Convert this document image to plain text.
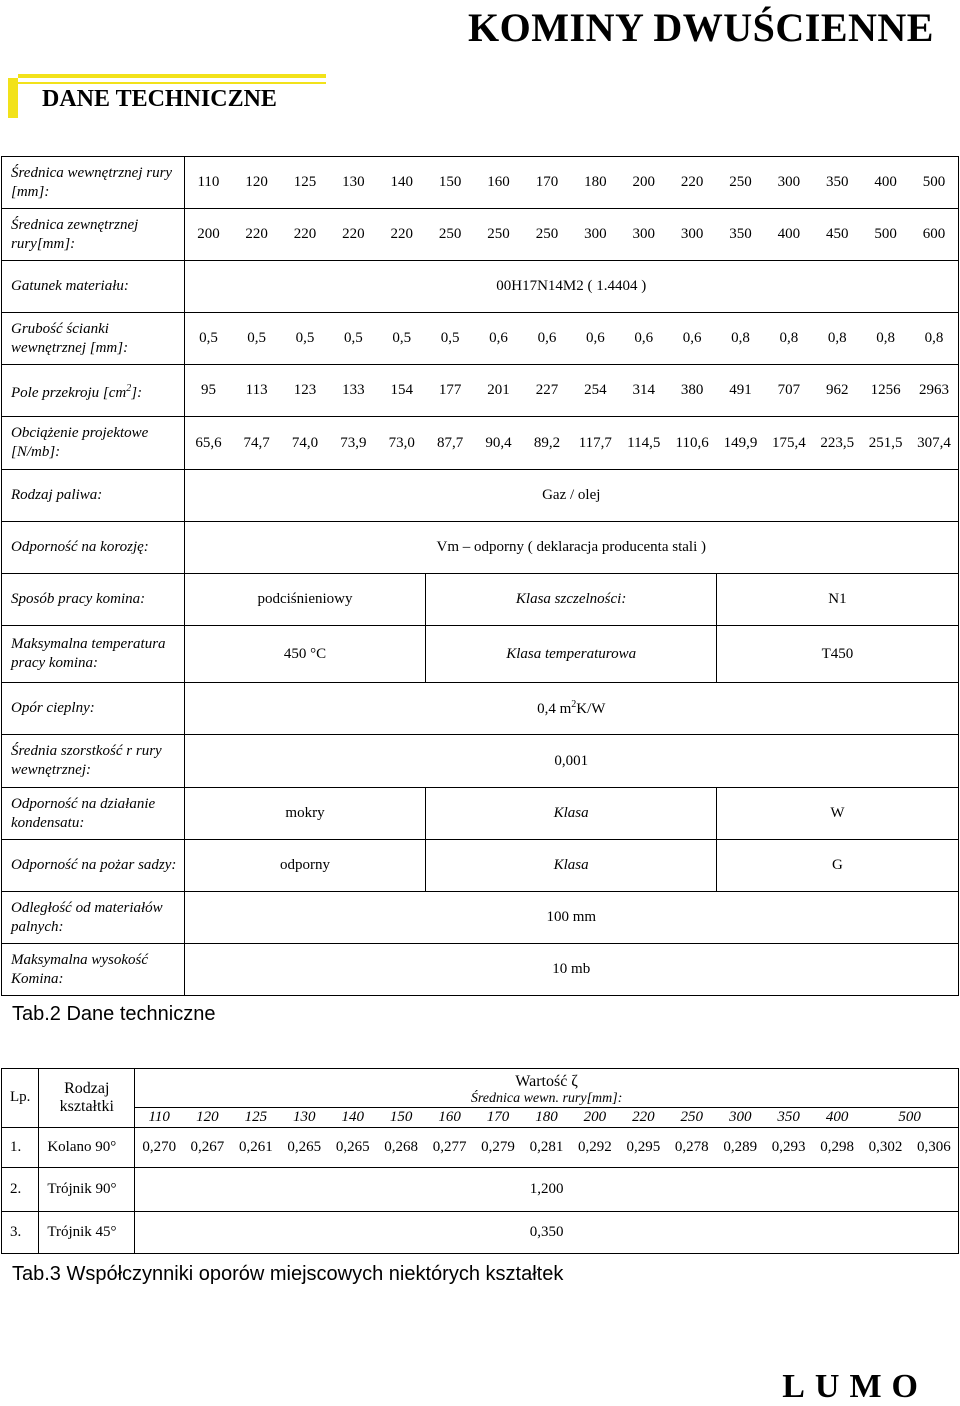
KOMINY DWUŚCIENNE
DANE TECHNICZNE
Średnica wewnętrznej rury [mm]:	110	120	125	130	140	150	160	170	180	200	220	250	300	350	400	500
Średnica zewnętrznej rury[mm]:	200	220	220	220	220	250	250	250	300	300	300	350	400	450	500	600
Gatunek materiału:	00H17N14M2 ( 1.4404 )															
Grubość ścianki wewnętrznej [mm]:	0,5	0,5	0,5	0,5	0,5	0,5	0,6	0,6	0,6	0,6	0,6	0,8	0,8	0,8	0,8	0,8
Pole przekroju $[cm^2]$:	95	113	123	133	154	177	201	227	254	314	380	491	707	962	1256	2963
Obciążenie projektowe [N/mb]:	65,6	74,7	74,0	73,9	73,0	87,7	90,4	89,2	117,7	114,5	110,6	149,9	175,4	223,5	251,5	307,4
Rodzaj paliwa:	Gaz / olej															
Odporność na korozję:	Vm – odporny ( deklaracja producenta stali )															
Sposób pracy komina:	podciśnieniowy					Klasa szczelności:						N1				
Maksymalna temperatura pracy komina:	450 °C					Klasa temperaturowa						T450				
Opór cieplny:	0,4 $m^2K/W$															
Średnia szorstkość r rury wewnętrznej:	0,001															
Odporność na działanie kondensatu:	mokry					Klasa						W				
Odporność na pożar sadzy:	odporny					Klasa						G				
Odległość od materiałów palnych:	100 mm															
Maksymalna wysokość Komina:	10 mb															
Tab.2 Dane techniczne
Lp.	Rodzaj kształtki	Wartość ζ																
		Średnica wewn. rury[mm]:																
		110	120	125	130	140	150	160	170	180	200	220	250	300	350	400	500	
1.	Kolano 90°	0,270	0,267	0,261	0,265	0,265	0,268	0,277	0,279	0,281	0,292	0,295	0,278	0,289	0,293	0,298	0,302	0,306
2.	Trójnik 90°	1,200																
3.	Trójnik 45°	0,350																
Tab.3 Współczynniki oporów miejscowych niektórych kształtek
LUMO
